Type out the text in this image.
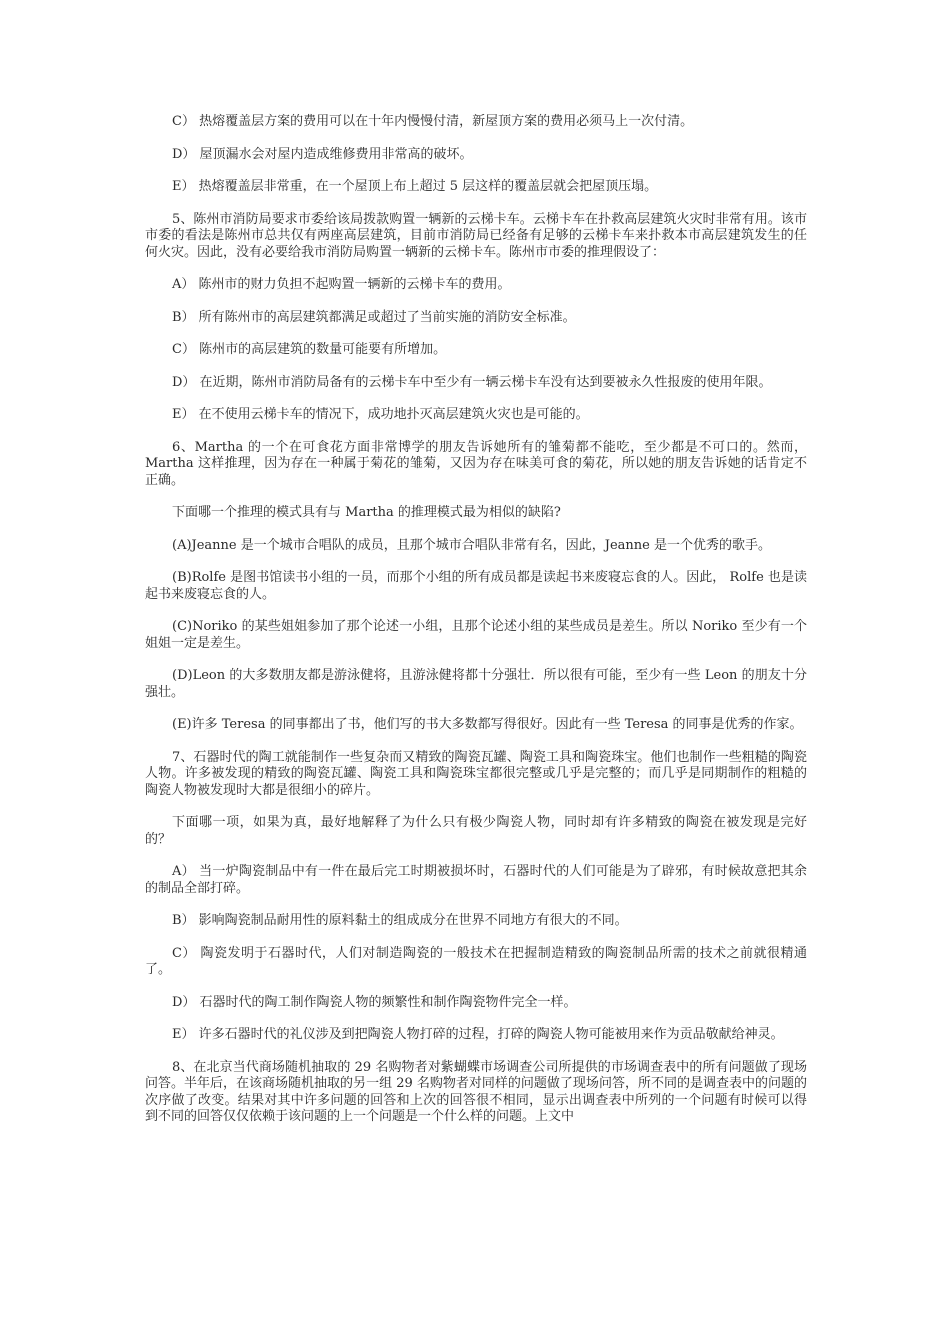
C） 热熔覆盖层方案的费用可以在十年内慢慢付清，新屋顶方案的费用必须马上一次付清。

D） 屋顶漏水会对屋内造成维修费用非常高的破坏。

E） 热熔覆盖层非常重，在一个屋顶上布上超过 5 层这样的覆盖层就会把屋顶压塌。

5、陈州市消防局要求市委给该局拨款购置一辆新的云梯卡车。云梯卡车在扑救高层建筑火灾时非常有用。该市市委的看法是陈州市总共仅有两座高层建筑，目前市消防局已经备有足够的云梯卡车来扑救本市高层建筑发生的任何火灾。因此，没有必要给我市消防局购置一辆新的云梯卡车。陈州市市委的推理假设了：

A） 陈州市的财力负担不起购置一辆新的云梯卡车的费用。

B） 所有陈州市的高层建筑都满足或超过了当前实施的消防安全标准。

C） 陈州市的高层建筑的数量可能要有所增加。

D） 在近期，陈州市消防局备有的云梯卡车中至少有一辆云梯卡车没有达到要被永久性报废的使用年限。

E） 在不使用云梯卡车的情况下，成功地扑灭高层建筑火灾也是可能的。

6、Martha 的一个在可食花方面非常博学的朋友告诉她所有的雏菊都不能吃，至少都是不可口的。然而，Martha 这样推理，因为存在一种属于菊花的雏菊，又因为存在味美可食的菊花，所以她的朋友告诉她的话肯定不正确。

下面哪一个推理的模式具有与 Martha 的推理模式最为相似的缺陷?

(A)Jeanne 是一个城市合唱队的成员，且那个城市合唱队非常有名，因此，Jeanne 是一个优秀的歌手。

(B)Rolfe 是图书馆读书小组的一员，而那个小组的所有成员都是读起书来废寝忘食的人。因此， Rolfe 也是读起书来废寝忘食的人。

(C)Noriko 的某些姐姐参加了那个论述一小组，且那个论述小组的某些成员是差生。所以 Noriko 至少有一个姐姐一定是差生。

(D)Leon 的大多数朋友都是游泳健将，且游泳健将都十分强壮．所以很有可能，至少有一些 Leon 的朋友十分强壮。

(E)许多 Teresa 的同事都出了书，他们写的书大多数都写得很好。因此有一些 Teresa 的同事是优秀的作家。

7、石器时代的陶工就能制作一些复杂而又精致的陶瓷瓦罐、陶瓷工具和陶瓷珠宝。他们也制作一些粗糙的陶瓷人物。许多被发现的精致的陶瓷瓦罐、陶瓷工具和陶瓷珠宝都很完整或几乎是完整的；而几乎是同期制作的粗糙的陶瓷人物被发现时大都是很细小的碎片。

下面哪一项，如果为真，最好地解释了为什么只有极少陶瓷人物，同时却有许多精致的陶瓷在被发现是完好的？

A） 当一炉陶瓷制品中有一件在最后完工时期被损坏时，石器时代的人们可能是为了辟邪，有时候故意把其余的制品全部打碎。

B） 影响陶瓷制品耐用性的原料黏土的组成成分在世界不同地方有很大的不同。

C） 陶瓷发明于石器时代，人们对制造陶瓷的一般技术在把握制造精致的陶瓷制品所需的技术之前就很精通了。

D） 石器时代的陶工制作陶瓷人物的频繁性和制作陶瓷物件完全一样。

E） 许多石器时代的礼仪涉及到把陶瓷人物打碎的过程，打碎的陶瓷人物可能被用来作为贡品敬献给神灵。

8、在北京当代商场随机抽取的 29 名购物者对紫蝴蝶市场调查公司所提供的市场调查表中的所有问题做了现场问答。半年后，在该商场随机抽取的另一组 29 名购物者对同样的问题做了现场问答，所不同的是调查表中的问题的次序做了改变。结果对其中许多问题的回答和上次的回答很不相同，显示出调查表中所列的一个问题有时候可以得到不同的回答仅仅依赖于该问题的上一个问题是一个什么样的问题。上文中
